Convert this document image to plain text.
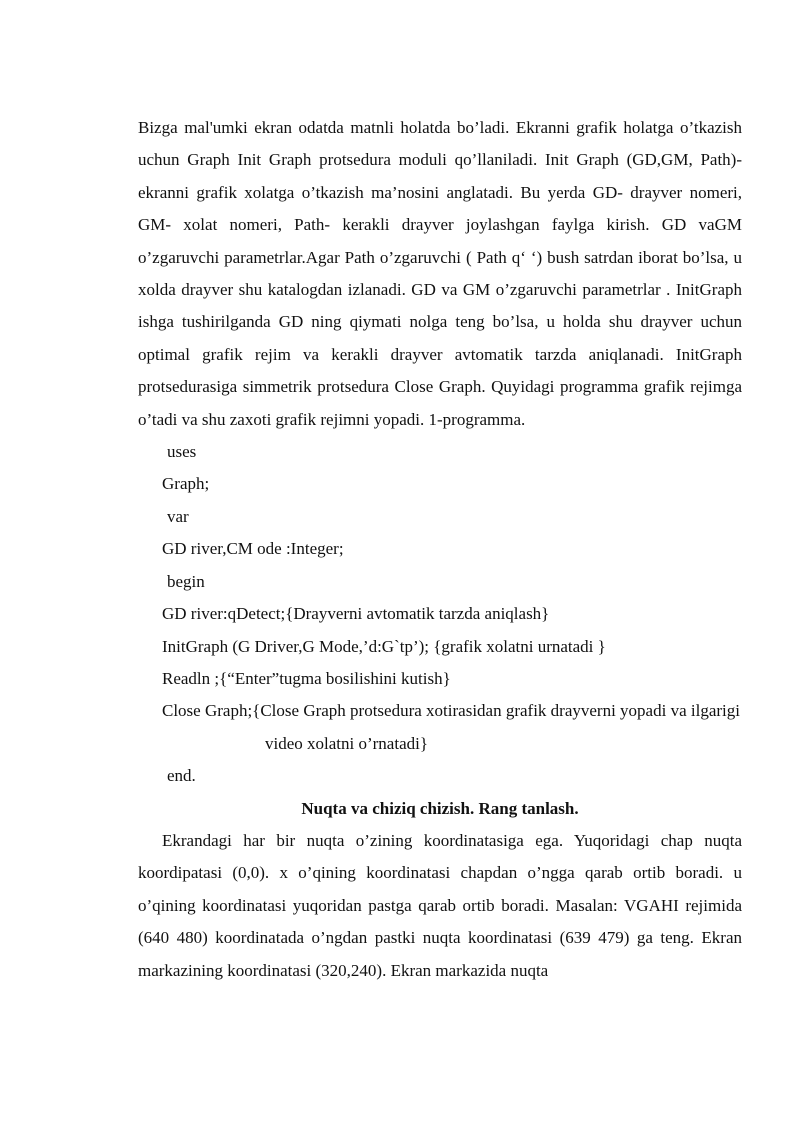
Bizga mal'umki ekran odatda matnli holatda bo’ladi. Ekranni grafik holatga o’tkazish uchun Graph Init Graph protsedura moduli qo’llaniladi. Init Graph (GD,GM, Path)- ekranni grafik xolatga o’tkazish ma’nosini anglatadi. Bu yerda GD- drayver nomeri, GM- xolat nomeri, Path- kerakli drayver joylashgan faylga kirish. GD vaGM o’zgaruvchi parametrlar.Agar Path o’zgaruvchi ( Path q‘ ‘) bush satrdan iborat bo’lsa, u xolda drayver shu katalogdan izlanadi. GD va GM o’zgaruvchi parametrlar . InitGraph ishga tushirilganda GD ning qiymati nolga teng bo’lsa, u holda shu drayver uchun optimal grafik rejim va kerakli drayver avtomatik tarzda aniqlanadi. InitGraph protsedurasiga simmetrik protsedura Close Graph. Quyidagi programma grafik rejimga o’tadi va shu zaxoti grafik rejimni yopadi. 1-programma.

uses

Graph;

var

GD river,CM ode :Integer;

begin

GD river:qDetect;{Drayverni avtomatik tarzda aniqlash}

InitGraph (G Driver,G Mode,’d:G`tp’); {grafik xolatni urnatadi }

Readln ;{“Enter”tugma bosilishini kutish}

Close Graph;{Close Graph protsedura xotirasidan grafik drayverni yopadi va ilgarigi

video xolatni o’rnatadi}

end.

Nuqta va chiziq chizish. Rang tanlash.

Ekrandagi har bir nuqta o’zining koordinatasiga ega. Yuqoridagi chap nuqta koordipatasi (0,0). x o’qining koordinatasi chapdan o’ngga qarab ortib boradi. u o’qining koordinatasi yuqoridan pastga qarab ortib boradi. Masalan: VGAHI rejimida (640 480) koordinatada o’ngdan pastki nuqta koordinatasi (639 479) ga teng. Ekran markazining koordinatasi (320,240). Ekran markazida nuqta
